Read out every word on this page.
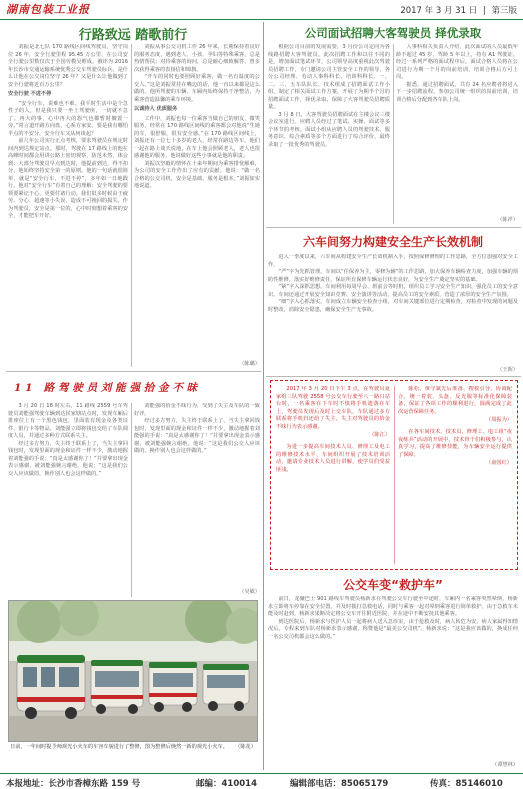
湖南包装工业报	2017 年 3 月 31 日 | 第三版
行路致远 踏歌前行

刘振是北七队 170 路线区间线驾驶员，坚守岗位 26 年，安全行驶里程 95.45 万公里，在公司安全行驶公里数仅次于全国劳模吴维成。被评为 2016 年长沙市交通运输系统优秀公交车驾驶员标兵。是什么让他在公交岗位坚守 26 年？又是什么让他做到了安全行驶将近百万公里？

安全行驶 不进不停

“安全行车，说难也不难。我平时生活中是个急性子的人，但是我只要一坐上驾驶座，一切就不急了。再大的事，心中再大的怨气也都暂时搁置一旁。”常言道开路方向盘，心系方家安。要是我有哪怕半点的不安分，安全行车又从何谈起？

前几年公司实行正点考核，要求驾驶员在规定时间内到达规定站点。那时，驾驶在 17 路线上的他在高峰时间都会用讲公路上密切观察，防范未然，体会到：大部分驾驶员早点到达时，他提前到达，得不扣分，他始终坚持安全第一的原则。他的一句话就很简单，就是“安全行车，不进不停”，多年如一日地践行。他对“安全行车”有着自己的理解：安全驾驶的要领要紧记于心，更要付诸行动。我们很多时候由于疲劳、分心、超速等小失误，造成不可挽回的损失。作为驾驶员，安全是第一位的，心中时刻想着乘客的安全，才能把车开好。

刘振从事公交司机工作 26 年来，长期保持着良好的服务态度，遇到老人、小孩、孕妇等特殊乘客，总是热情帮扶；对待乘客的询问，总是耐心细致解答。曾多次获得乘客的表扬信和锦旗。

“开车的同时也要照顾好乘客，做一名有温度的公交人。”这是刘振常挂在嘴边的话，他一直以来都是这么做的。他所驾驶的车辆，车厢内始终保持干净整洁，为乘客营造温馨的乘车环境。

以诚待人 优质服务

工作中，刘振也每一位乘客当做自己的朋友，微笑服务，经常在 170 路线区间线的乘客都会对他说“生她的车，很舒服，很有安全感。”在 170 路线区间线上，刘振还有一位七十多岁的老人，经常在路边等车。他们一起在路上谈天说地，在车上他会照顾老人，老人也很感谢他的服务。他说做好这些小事就是他的职责。

刘振以坚毅的情怀在十来年期间为乘客排忧解难，为公司的安全工作作出了应有的贡献。他说：“做一名合格的公交司机，安全是基础，服务是根本。”刘振如实地说道。

（陈璐）
11 路驾驶员刘能强拾金不昧

3 月 20 日 18 时左右，11 路线 2559 号车驾驶员刘能强驾驶车辆到达侯家塘站点时，发现车厢后排座位上有一个黑色钱包，里面装有现金及各类证件、银行卡等物品。刘能强立即将钱包交给了车队调度人员，并通过多种方式联系失主。

经过多方努力，失主终于联系上了，当失主拿回钱包时，发现里面的现金和证件一样不少，激动地握着刘能强的手说：“真是太感谢你了！”并要拿出现金表示感谢，被刘能强婉言谢绝。他说：“这是我们公交人应该做的，换作别人也会这样做的。”

刘能强的拾金不昧行为，受到了失主及车队的一致好评。

经过多方努力，失主终于联系上了，当失主拿回钱包时，发现里面的现金和证件一样不少，激动地握着刘能强的手说：“真是太感谢你了！”并要拿出现金表示感谢，被刘能强婉言谢绝。他说：“这是我们公交人应该做的，换作别人也会这样做的。”

（吴敏）
日前，一年间时提予师观光小火车的车容车貌进行了整修，图为整修后焕然一新的观光小火车。 （陈花）
公司面试招聘大客驾驶员 择优录取

根据公司目前的发展需要，3 月份公司定向为各线路招聘大客驾驶员。此次招聘工作和以往不同的是，增加面试笔试环节，公司领导高度重视此次驾驶员招聘工作，专门邀请公司主管安全工作的领导、各分公司经理、劳动人事科科长、培训科科长、一、二、三、五车队队长、技术组成了招聘面试工作小组，制定了相关面试工作方案，开展了为期半个月的招聘面试工作，择优录取，保障了大客驾驶员招聘质量。

3 月 8 日，大客驾驶员招聘面试在主楼会议三楼会议室进行。应聘人员经过了笔试、实操、面试等多个环节的考核。面试小组从应聘人员的驾驶技术、服务意识、综合素质等多个方面进行了综合评价，最终录取了一批优秀的驾驶员。

人事科相关负责人介绍，此次面试的人员最低年龄不超过 45 岁，驾龄 5 年以上，持有 A1 驾驶证。经过一系列严格的面试程序后，面试合格人员将在公司进行为期一个月的岗前培训，培训合格后方可上岗。

据悉，通过招聘面试，共有 24 名应聘者将进入下一步招聘流程，参加公司统一组织的岗前培训，培训合格后分配到各车队上岗。

（陈祥）
六车间努力构建安全生产长效机制

进入一季度以来，六车间从构建安全生产长效机制入手，按照保修修理的工作思路，全方位加强对安全工作。

“严”字为先抓管理。车间以“任保养为主，零修为辅”的工作思路，加大保养车辆检查力度，加强车辆的预防性维修，落实好维修责任，保证所有保修车辆运行状态良好，为安全生产奠定坚实的基础。

“紧”字入深抓思想。车间利用每周早会、班前会等时机，组织员工学习安全生产知识，强化员工的安全意识。车间还通过开展安全知识竞赛、安全演讲等活动，提高员工的安全素质，营造了浓厚的安全生产氛围。

“细”字入心抓落实。车间成立车辆安全检查小组，对车间关键部位进行定期检查，对检查中发现的问题及时整改，消除安全隐患，确保安全生产无事故。

（王晖）

2017 年 3 月 20 日下午 3 点，在驾驶员夏家组三队驾驶 2558 号公交车行驶至八一路口站台时，一名乘客在下车时不慎将手机遗落在车上，驾驶员发现后及时上交车队，车队通过多方联系将手机归还给了失主，失主对驾驶员的拾金不昧行为表示感谢。

（陈江）

为进一步提高车间技术人员、修理工及电工的维修技术水平，车间组织开展了技术培训活动，邀请专业技术人员进行讲解，使学员们受益匪浅。

陈松、黄守斌先后准备、搜救引导，协调配合，统一着装、头盔、反光服等标准化保障装备，保证了各项工作的顺利进行，圆满完成了此次运营保障任务。

（周振为）

在各车间技术、技术员、修理工、电工组“夜夜练兵”活动的开展中，技术骨干们积极参与，认真学习，提高了维修技能，为车辆安全运行提供了保障。

（俞国红）
公交车变“救护车”

前日，龙骧巴士 901 路线车驾驶员杨新求在驾驶公交车行驶至中途时，车厢内一名乘客突然晕倒，杨新求立即将车停靠在安全位置，并及时拨打急救电话，同时与乘客一起对晕倒乘客进行简单救护。由于急救车未能及时赶到，杨新求果断决定将公交车开往附近医院，并在途中不断安抚其他乘客。

到达医院后，杨新求与医护人员一起将病人送入急诊室，由于抢救及时，病人转危为安。病人家属得知情况后，专程来到车队对杨新求表示感谢，称赞他是“最美公交司机”。杨新求说：“这是我应该做的，换成任何一名公交司机都会这么做的。”

（谭慧林）
本报地址：长沙市香樟东路 159 号	邮编：410014	编辑部电话：85065179	传真：85146010
